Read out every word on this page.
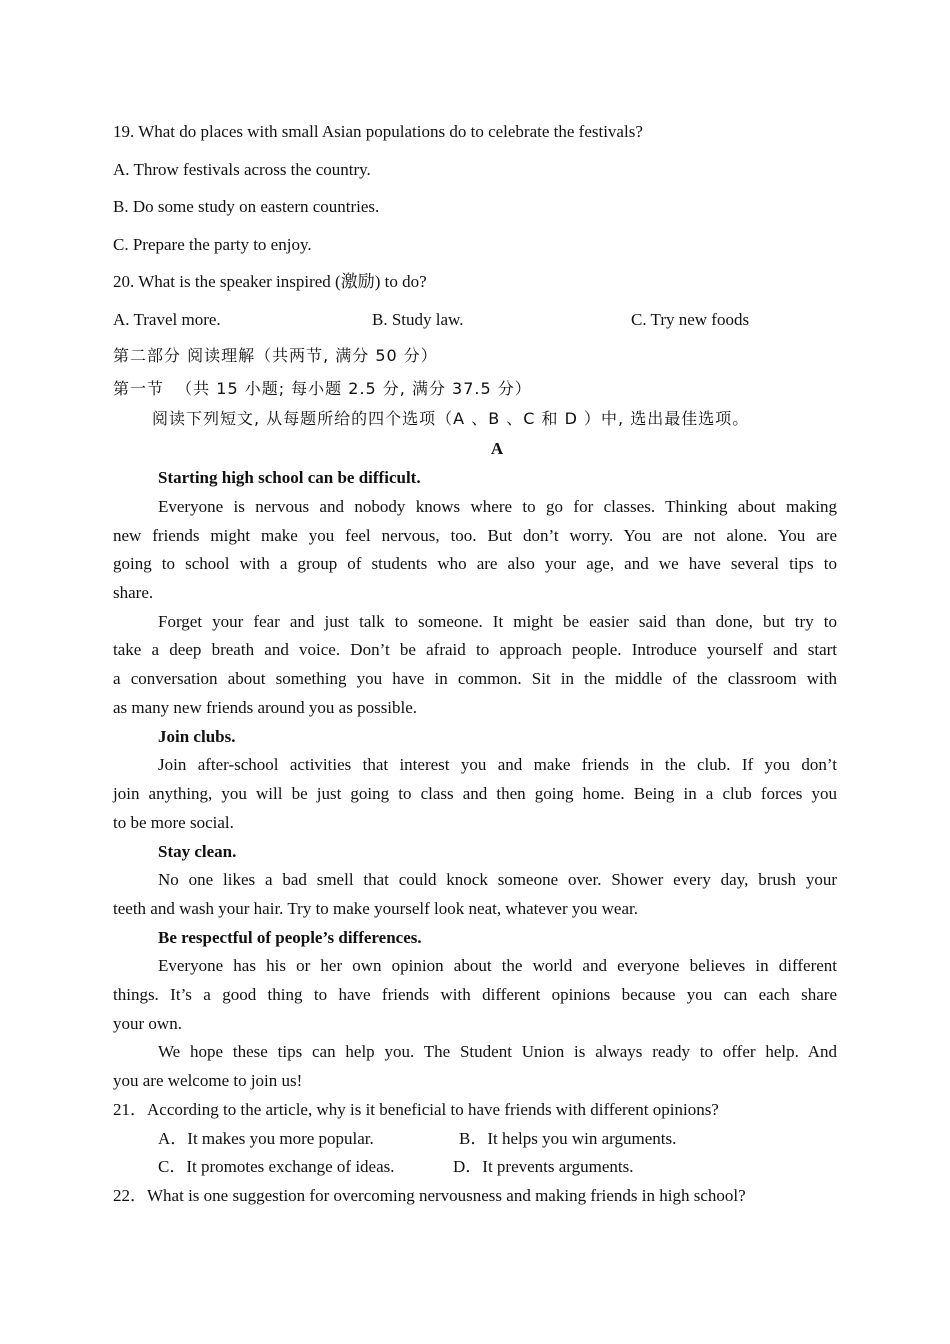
19. What do places with small Asian populations do to celebrate the festivals?
A. Throw festivals across the country.
B. Do some study on eastern countries.
C. Prepare the party to enjoy.
20. What is the speaker inspired (激励) to do?
A. Travel more.	B. Study law.	C. Try new foods
第二部分 阅读理解（共两节, 满分 50 分）
第一节  （共 15 小题; 每小题 2.5 分, 满分 37.5 分）
阅读下列短文, 从每题所给的四个选项（A 、B 、C 和 D ）中, 选出最佳选项。
A
Starting high school can be difficult.
Everyone is nervous and nobody knows where to go for classes. Thinking about making
new friends might make you feel nervous, too. But don’t worry. You are not alone. You are
going to school with a group of students who are also your age, and we have several tips to
share.
Forget your fear and just talk to someone. It might be easier said than done, but try to
take a deep breath and voice. Don’t be afraid to approach people. Introduce yourself and start
a conversation about something you have in common. Sit in the middle of the classroom with
as many new friends around you as possible.
Join clubs.
Join after-school activities that interest you and make friends in the club. If you don’t
join anything, you will be just going to class and then going home. Being in a club forces you
to be more social.
Stay clean.
No one likes a bad smell that could knock someone over. Shower every day, brush your
teeth and wash your hair. Try to make yourself look neat, whatever you wear.
Be respectful of people’s differences.
Everyone has his or her own opinion about the world and everyone believes in different
things. It’s a good thing to have friends with different opinions because you can each share
your own.
We hope these tips can help you. The Student Union is always ready to offer help. And
you are welcome to join us!
21．According to the article, why is it beneficial to have friends with different opinions?
A．It makes you more popular.	B．It helps you win arguments.
C．It promotes exchange of ideas.	D．It prevents arguments.
22．What is one suggestion for overcoming nervousness and making friends in high school?
